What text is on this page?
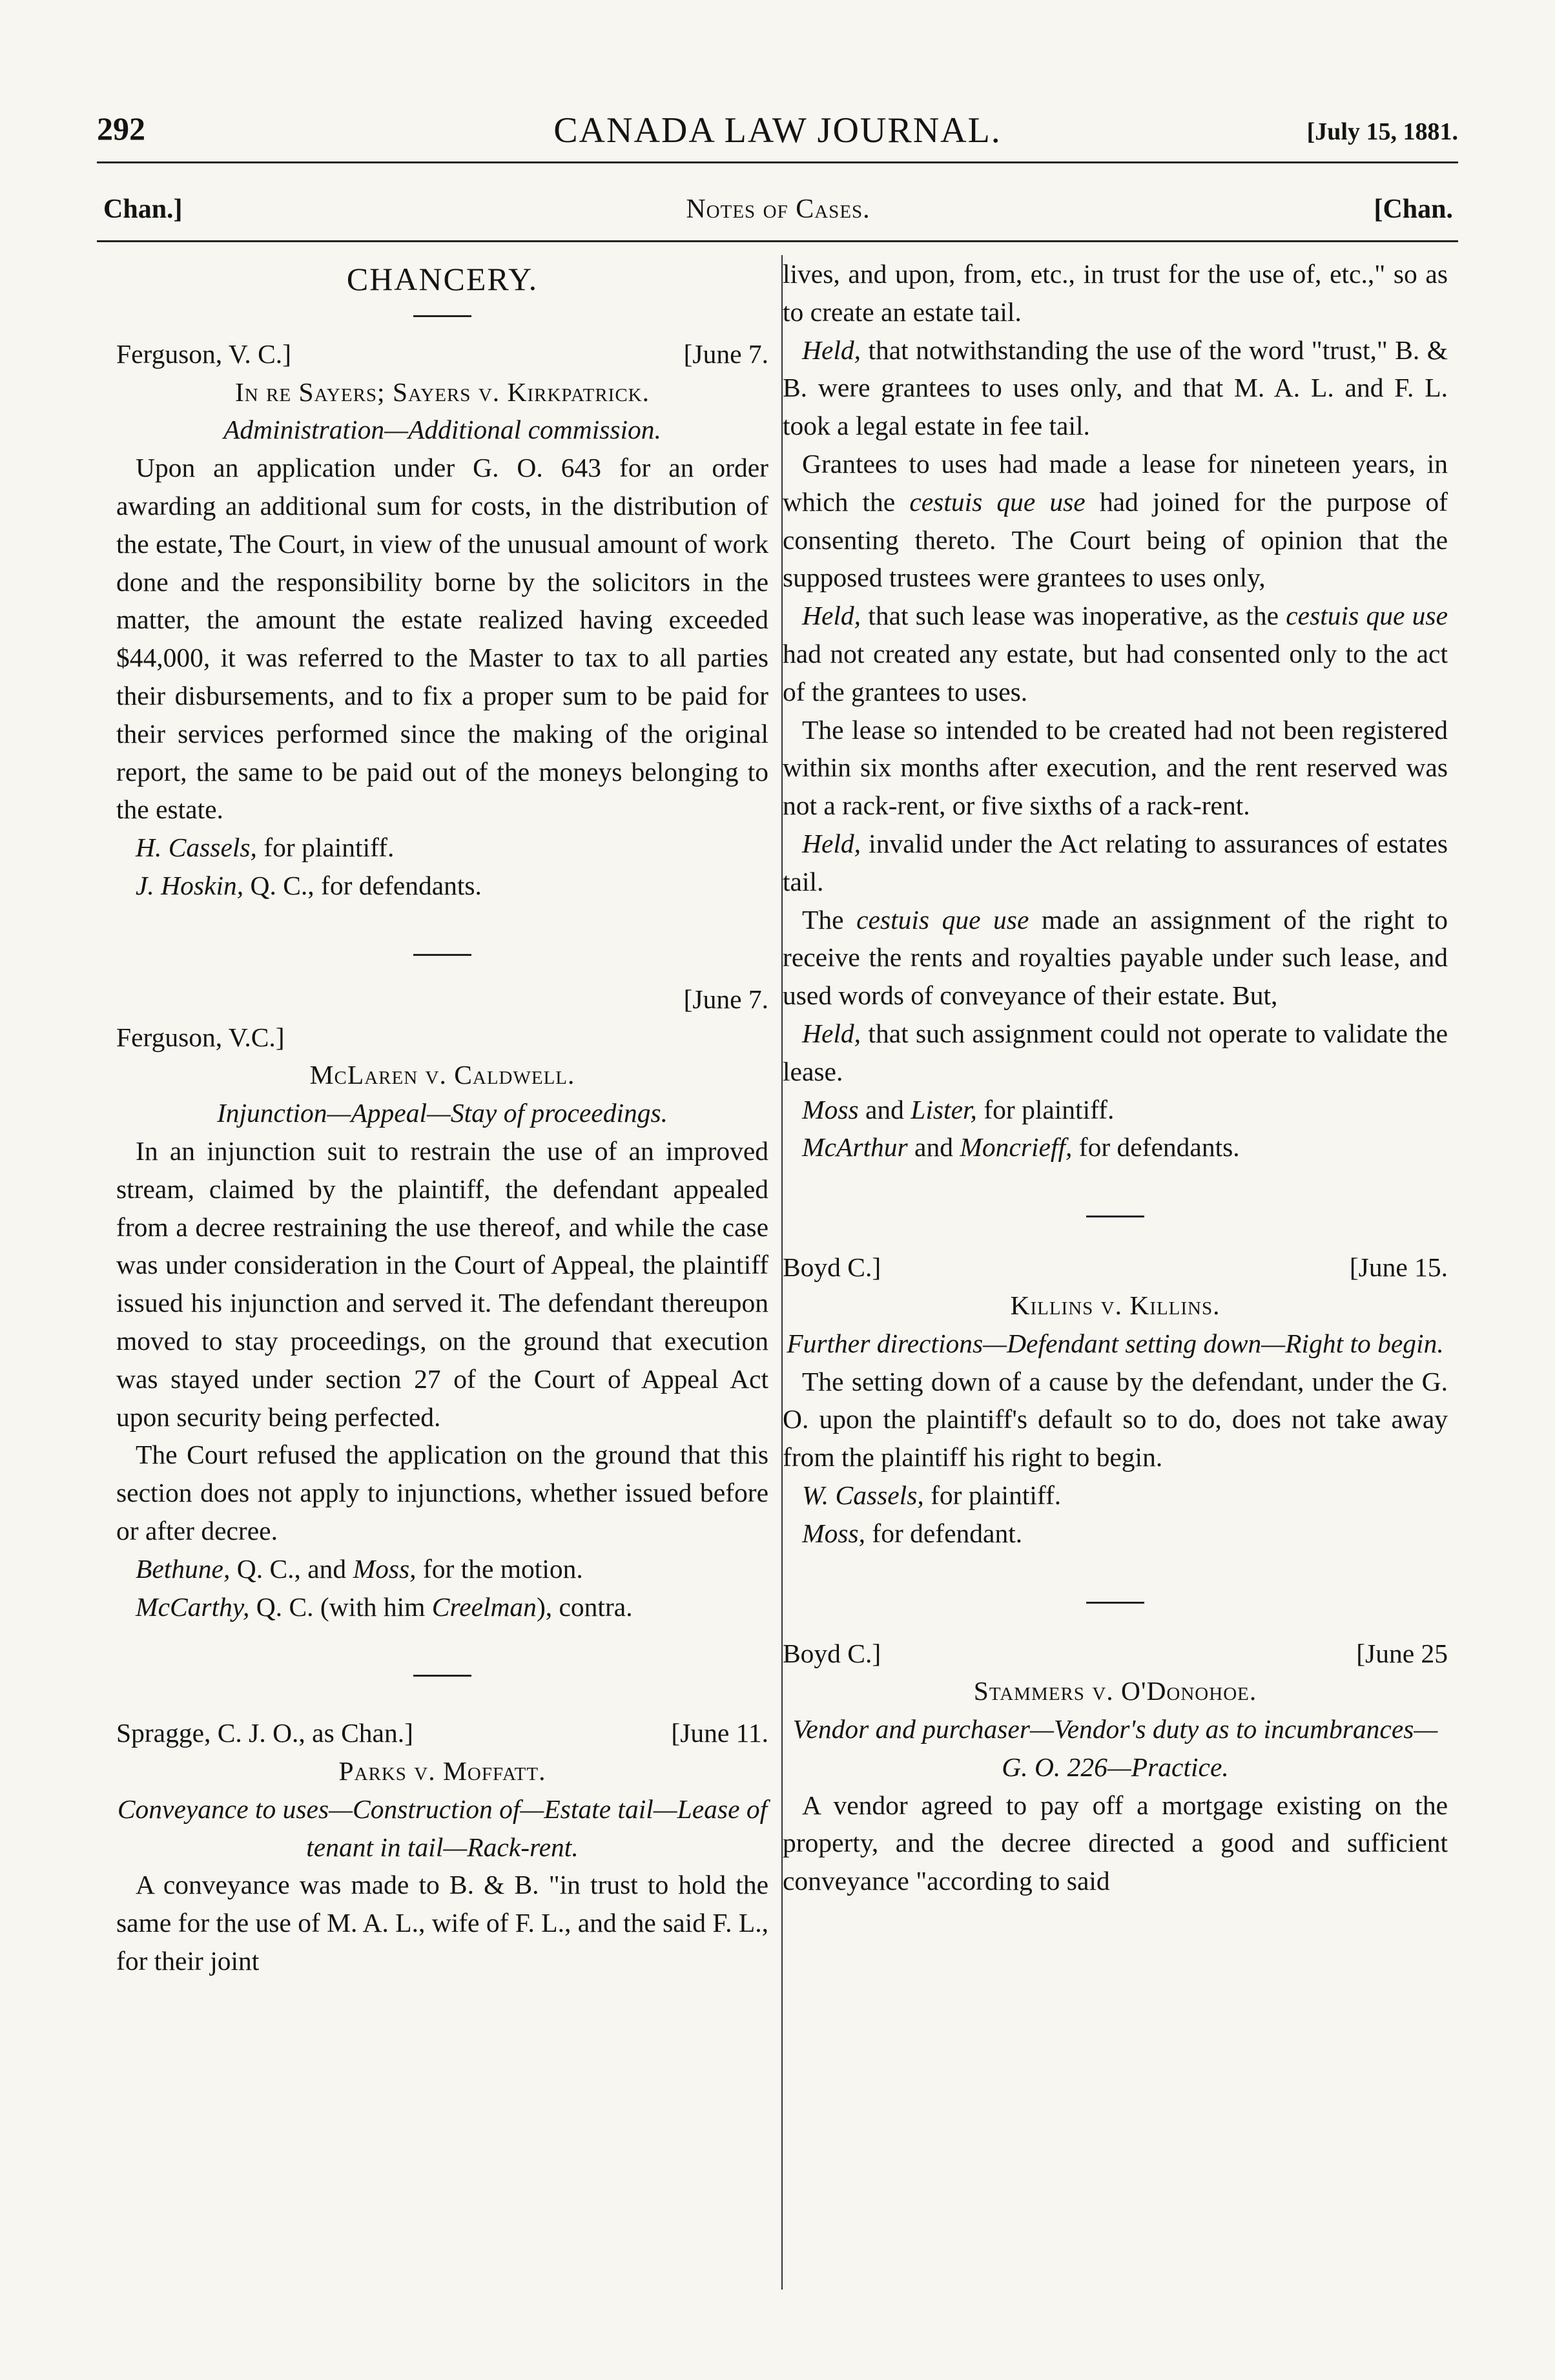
292	CANADA LAW JOURNAL.	[July 15, 1881.
Chan.]	Notes of Cases.	[Chan.

CHANCERY.

Ferguson, V. C.]	[June 7.

In re Sayers; Sayers v. Kirkpatrick.

Administration—Additional commission.

Upon an application under G. O. 643 for an order awarding an additional sum for costs, in the distribution of the estate, The Court, in view of the unusual amount of work done and the responsibility borne by the solicitors in the matter, the amount the estate realized having exceeded $44,000, it was referred to the Master to tax to all parties their disbursements, and to fix a proper sum to be paid for their services performed since the making of the original report, the same to be paid out of the moneys belonging to the estate.

H. Cassels, for plaintiff.

J. Hoskin, Q. C., for defendants.

[June 7.

Ferguson, V.C.]

McLaren v. Caldwell.

Injunction—Appeal—Stay of proceedings.

In an injunction suit to restrain the use of an improved stream, claimed by the plaintiff, the defendant appealed from a decree restraining the use thereof, and while the case was under consideration in the Court of Appeal, the plaintiff issued his injunction and served it. The defendant thereupon moved to stay proceedings, on the ground that execution was stayed under section 27 of the Court of Appeal Act upon security being perfected.

The Court refused the application on the ground that this section does not apply to injunctions, whether issued before or after decree.

Bethune, Q. C., and Moss, for the motion.

McCarthy, Q. C. (with him Creelman), contra.

Spragge, C. J. O., as Chan.]	[June 11.

Parks v. Moffatt.

Conveyance to uses—Construction of—Estate tail—Lease of tenant in tail—Rack-rent.

A conveyance was made to B. & B. "in trust to hold the same for the use of M. A. L., wife of F. L., and the said F. L., for their joint

lives, and upon, from, etc., in trust for the use of, etc.," so as to create an estate tail.

Held, that notwithstanding the use of the word "trust," B. & B. were grantees to uses only, and that M. A. L. and F. L. took a legal estate in fee tail.

Grantees to uses had made a lease for nineteen years, in which the cestuis que use had joined for the purpose of consenting thereto. The Court being of opinion that the supposed trustees were grantees to uses only,

Held, that such lease was inoperative, as the cestuis que use had not created any estate, but had consented only to the act of the grantees to uses.

The lease so intended to be created had not been registered within six months after execution, and the rent reserved was not a rack-rent, or five sixths of a rack-rent.

Held, invalid under the Act relating to assurances of estates tail.

The cestuis que use made an assignment of the right to receive the rents and royalties payable under such lease, and used words of conveyance of their estate. But,

Held, that such assignment could not operate to validate the lease.

Moss and Lister, for plaintiff.

McArthur and Moncrieff, for defendants.

Boyd C.]	[June 15.

Killins v. Killins.

Further directions—Defendant setting down—Right to begin.

The setting down of a cause by the defendant, under the G. O. upon the plaintiff's default so to do, does not take away from the plaintiff his right to begin.

W. Cassels, for plaintiff.

Moss, for defendant.

Boyd C.]	[June 25

Stammers v. O'Donohoe.

Vendor and purchaser—Vendor's duty as to incumbrances—G. O. 226—Practice.

A vendor agreed to pay off a mortgage existing on the property, and the decree directed a good and sufficient conveyance "according to said
